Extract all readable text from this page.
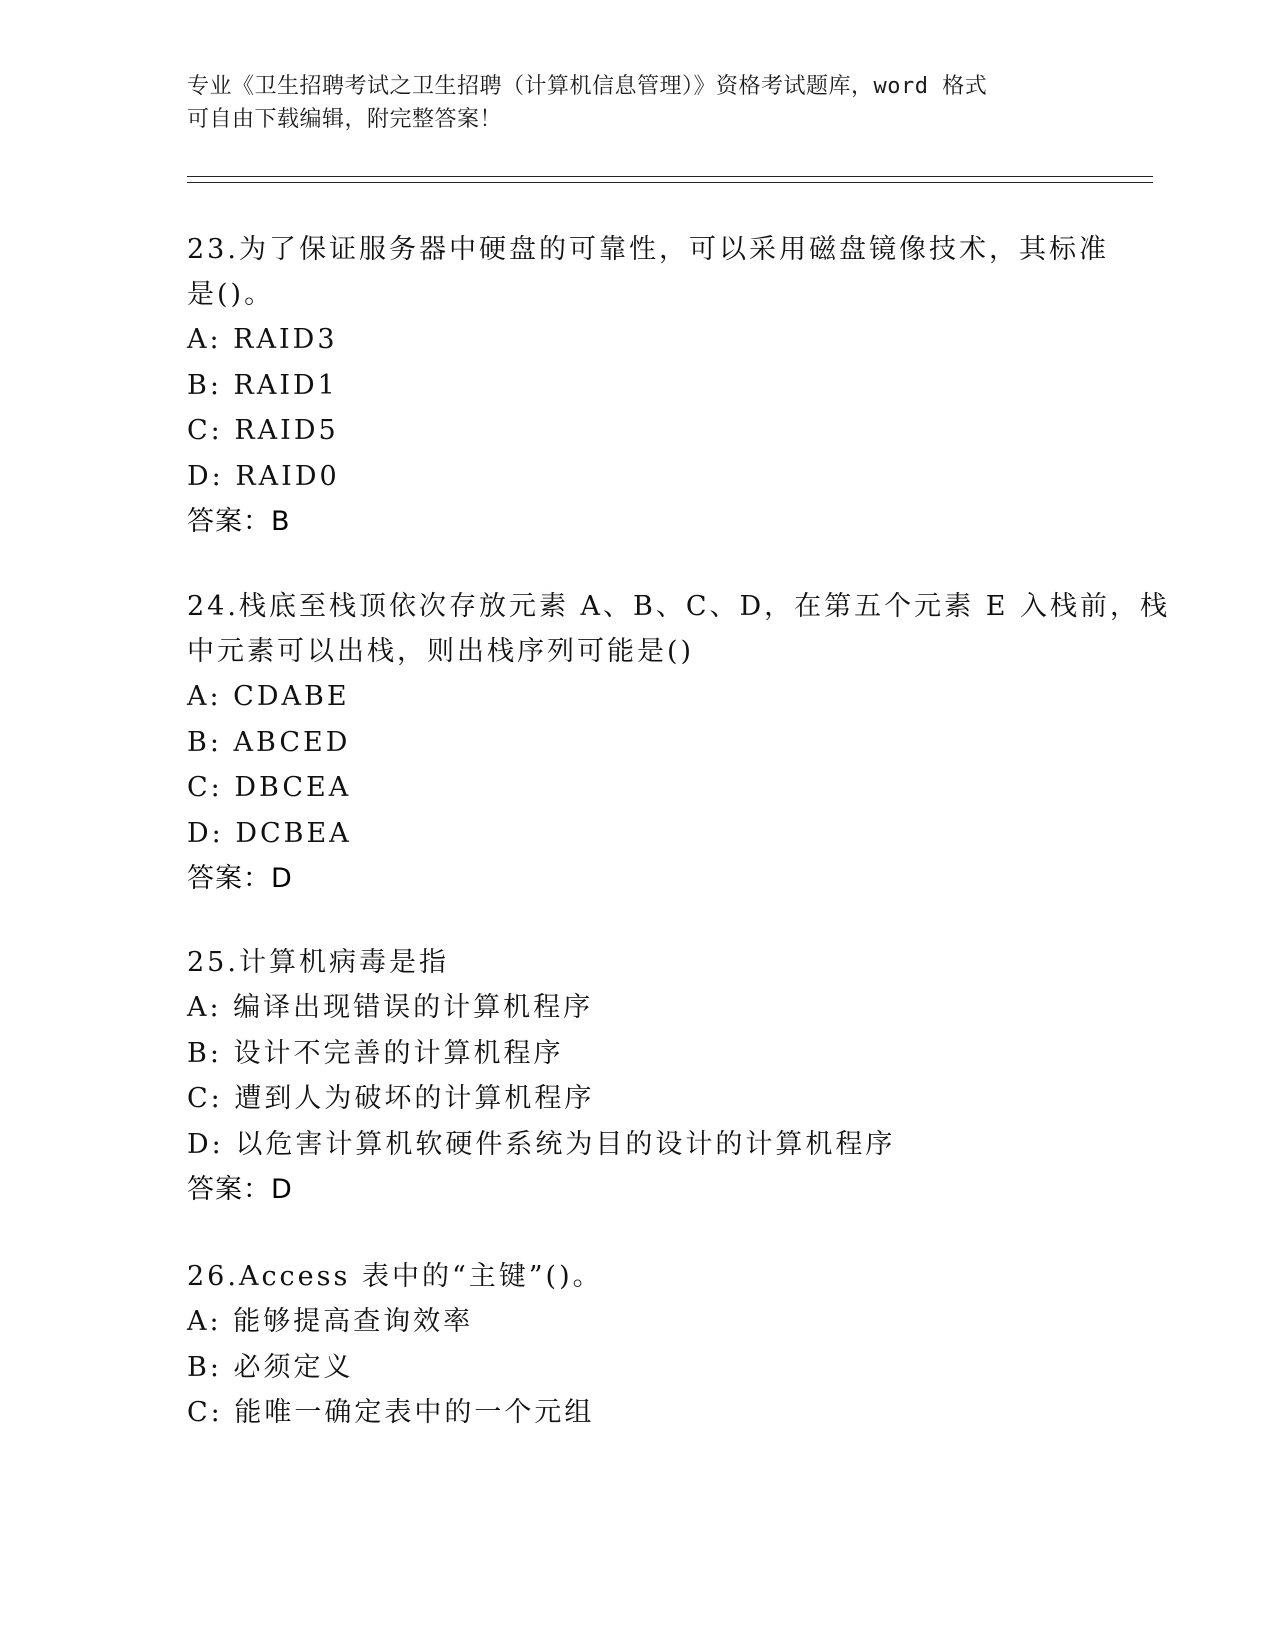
专业《卫生招聘考试之卫生招聘（计算机信息管理）》资格考试题库，word 格式
可自由下载编辑，附完整答案！
23.为了保证服务器中硬盘的可靠性，可以采用磁盘镜像技术，其标准
是()。
A: RAID3
B: RAID1
C: RAID5
D: RAID0
答案：B
24.栈底至栈顶依次存放元素 A、B、C、D，在第五个元素 E 入栈前，栈
中元素可以出栈，则出栈序列可能是()
A: CDABE
B: ABCED
C: DBCEA
D: DCBEA
答案：D
25.计算机病毒是指
A: 编译出现错误的计算机程序
B: 设计不完善的计算机程序
C: 遭到人为破坏的计算机程序
D: 以危害计算机软硬件系统为目的设计的计算机程序
答案：D
26.Access 表中的“主键”()。
A: 能够提高查询效率
B: 必须定义
C: 能唯一确定表中的一个元组
